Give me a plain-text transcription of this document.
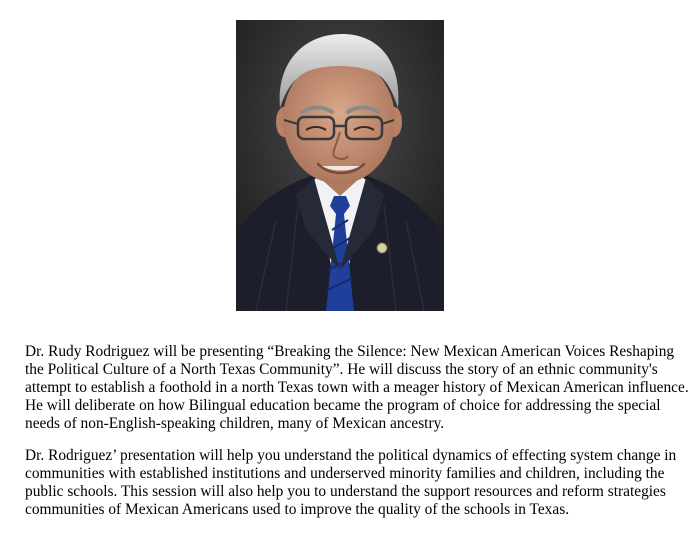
Dr. Rudy Rodriguez will be presenting “Breaking the Silence: New Mexican American Voices Reshaping the Political Culture of a North Texas Community”. He will discuss the story of an ethnic community's attempt to establish a foothold in a north Texas town with a meager history of Mexican American influence. He will deliberate on how Bilingual education became the program of choice for addressing the special needs of non-English-speaking children, many of Mexican ancestry.

Dr. Rodriguez’ presentation will help you understand the political dynamics of effecting system change in communities with established institutions and underserved minority families and children, including the public schools. This session will also help you to understand the support resources and reform strategies communities of Mexican Americans used to improve the quality of the schools in Texas.
